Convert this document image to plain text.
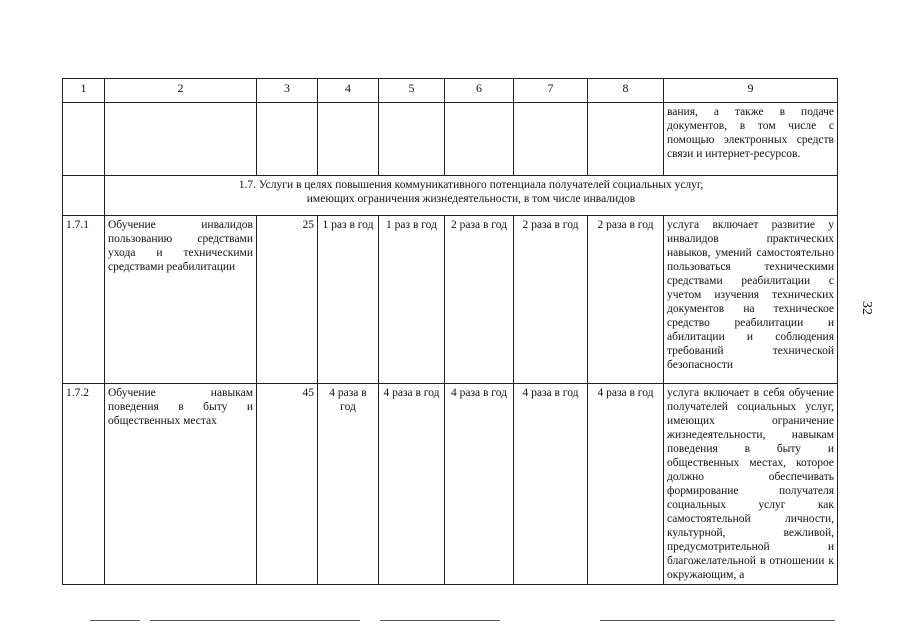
1	2	3	4	5	6	7	8	9
								вания, а также в подаче документов, в том числе с помощью электронных средств связи и интернет-ресурсов.
	1.7. Услуги в целях повышения коммуникативного потенциала получателей социальных услуг,
имеющих ограничения жизнедеятельности, в том числе инвалидов							
1.7.1	Обучение инвалидов пользованию средствами ухода и техническими средствами реабилитации	25	1 раз в год	1 раз в год	2 раза в год	2 раза в год	2 раза в год	услуга включает развитие у инвалидов практических навыков, умений самостоятельно пользоваться техническими средствами реабилитации с учетом изучения технических документов на техническое средство реабилитации и абилитации и соблюдения требований технической безопасности
1.7.2	Обучение навыкам поведения в быту и общественных местах	45	4 раза в год	4 раза в год	4 раза в год	4 раза в год	4 раза в год	услуга включает в себя обучение получателей социальных услуг, имеющих ограничение жизнедеятельности, навыкам поведения в быту и общественных местах, которое должно обеспечивать формирование получателя социальных услуг как самостоятельной личности, культурной, вежливой, предусмотрительной и благожелательной в отношении к окружающим, а
32
